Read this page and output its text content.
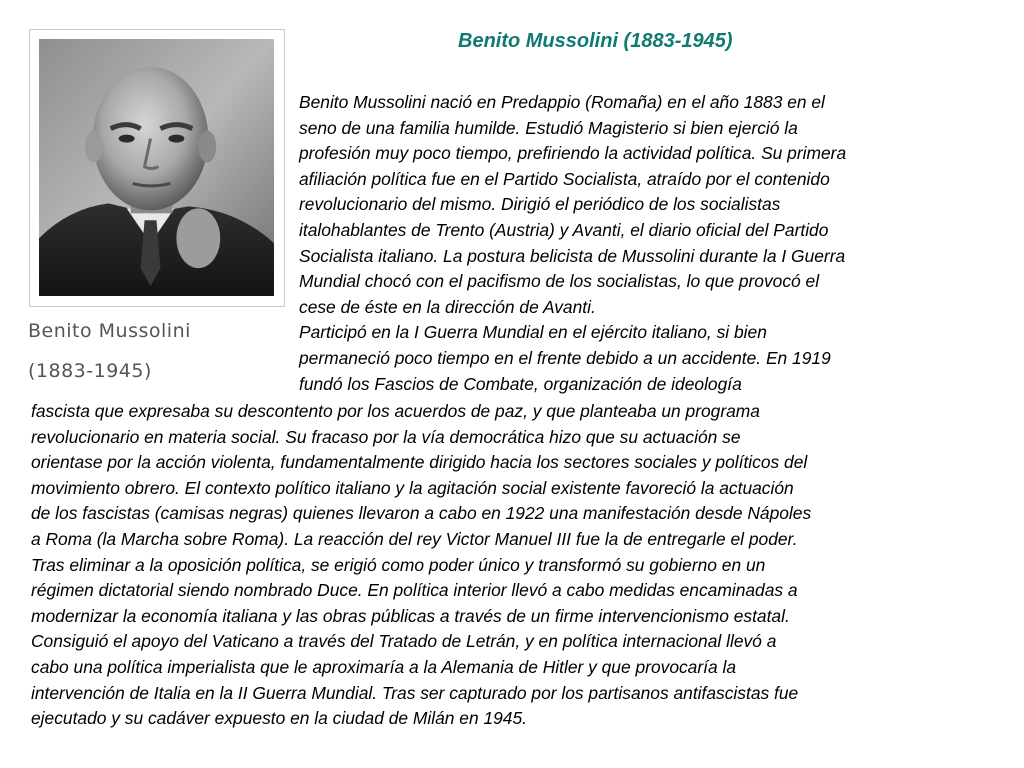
Benito Mussolini
(1883-1945)
Benito Mussolini (1883-1945)
Benito Mussolini nació en Predappio (Romaña) en el año 1883 en el
seno de una familia humilde. Estudió Magisterio si bien ejerció la
profesión muy poco tiempo, prefiriendo la actividad política. Su primera
afiliación política fue en el Partido Socialista, atraído por el contenido
revolucionario del mismo. Dirigió el periódico de los socialistas
italohablantes de Trento (Austria) y Avanti, el diario oficial del Partido
Socialista italiano. La postura belicista de Mussolini durante la I Guerra
Mundial chocó con el pacifismo de los socialistas, lo que provocó el
cese de éste en la dirección de Avanti.
Participó en la I Guerra Mundial en el ejército italiano, si bien
permaneció poco tiempo en el frente debido a un accidente. En 1919
fundó los Fascios de Combate, organización de ideología
fascista que expresaba su descontento por los acuerdos de paz, y que planteaba un programa
revolucionario en materia social. Su fracaso por la vía democrática hizo que su actuación se
orientase por la acción violenta, fundamentalmente dirigido hacia los sectores sociales y políticos del
movimiento obrero. El contexto político italiano y la agitación social existente favoreció la actuación
de los fascistas (camisas negras) quienes llevaron a cabo en 1922 una manifestación desde Nápoles
a Roma (la Marcha sobre Roma). La reacción del rey Victor Manuel III fue la de entregarle el poder.
Tras eliminar a la oposición política, se erigió como poder único y transformó su gobierno en un
régimen dictatorial siendo nombrado Duce. En política interior llevó a cabo medidas encaminadas a
modernizar la economía italiana y las obras públicas a través de un firme intervencionismo estatal.
Consiguió el apoyo del Vaticano a través del Tratado de Letrán, y en política internacional llevó a
cabo una política imperialista que le aproximaría a la Alemania de Hitler y que provocaría la
intervención de Italia en la II Guerra Mundial. Tras ser capturado por los partisanos antifascistas fue
ejecutado y su cadáver expuesto en la ciudad de Milán en 1945.
